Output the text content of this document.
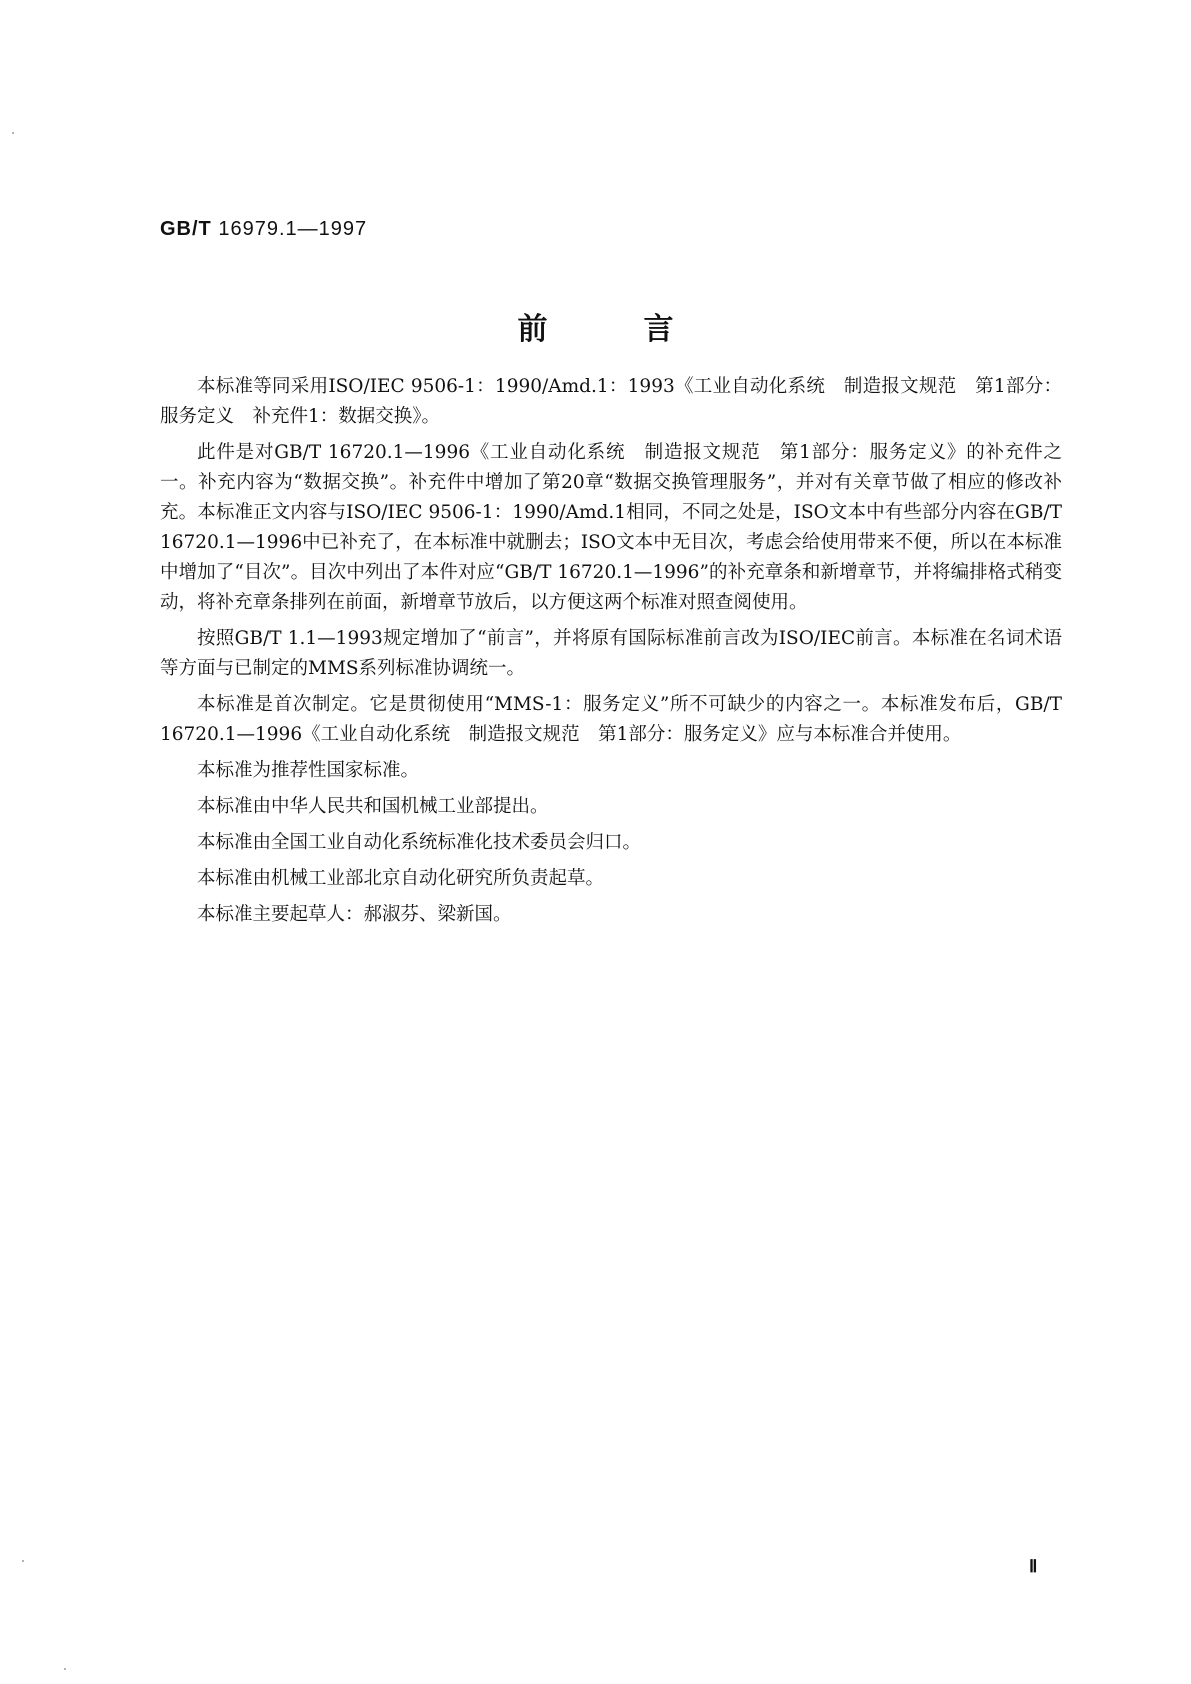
GB/T 16979.1—1997
前	言

本标准等同采用ISO/IEC 9506-1：1990/Amd.1：1993《工业自动化系统　制造报文规范　第1部分：服务定义　补充件1：数据交换》。

此件是对GB/T 16720.1—1996《工业自动化系统　制造报文规范　第1部分：服务定义》的补充件之一。补充内容为“数据交换”。补充件中增加了第20章“数据交换管理服务”，并对有关章节做了相应的修改补充。本标准正文内容与ISO/IEC 9506-1：1990/Amd.1相同，不同之处是，ISO文本中有些部分内容在GB/T 16720.1—1996中已补充了，在本标准中就删去；ISO文本中无目次，考虑会给使用带来不便，所以在本标准中增加了“目次”。目次中列出了本件对应“GB/T 16720.1—1996”的补充章条和新增章节，并将编排格式稍变动，将补充章条排列在前面，新增章节放后，以方便这两个标准对照查阅使用。

按照GB/T 1.1—1993规定增加了“前言”，并将原有国际标准前言改为ISO/IEC前言。本标准在名词术语等方面与已制定的MMS系列标准协调统一。

本标准是首次制定。它是贯彻使用“MMS-1：服务定义”所不可缺少的内容之一。本标准发布后，GB/T 16720.1—1996《工业自动化系统　制造报文规范　第1部分：服务定义》应与本标准合并使用。

本标准为推荐性国家标准。

本标准由中华人民共和国机械工业部提出。

本标准由全国工业自动化系统标准化技术委员会归口。

本标准由机械工业部北京自动化研究所负责起草。

本标准主要起草人：郝淑芬、梁新国。

Ⅱ
